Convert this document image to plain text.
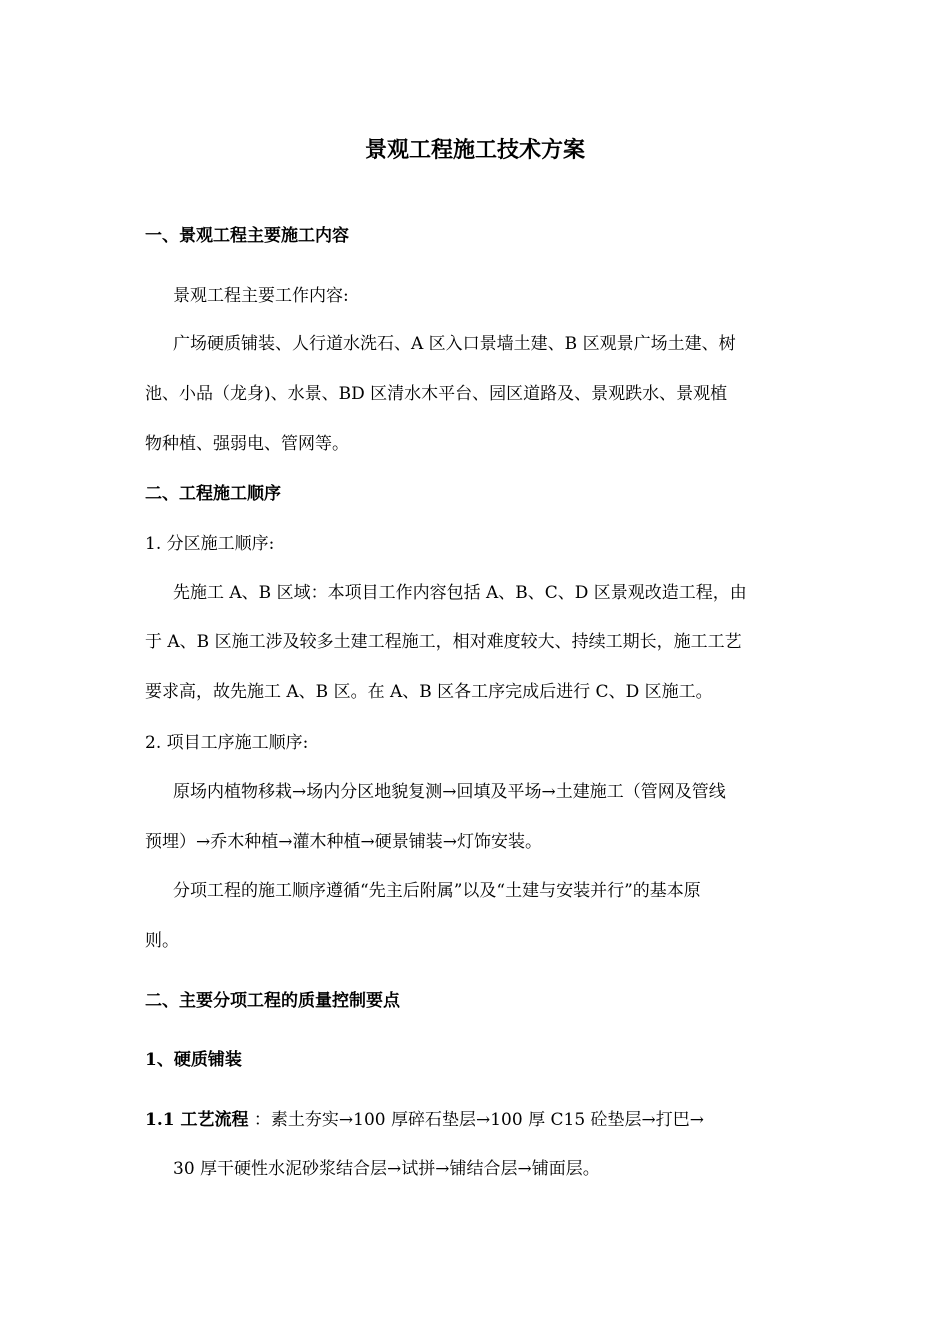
景观工程施工技术方案
一、景观工程主要施工内容
景观工程主要工作内容:
广场硬质铺装、人行道水洗石、A 区入口景墙土建、B 区观景广场土建、树
池、小品（龙身)、水景、BD 区清水木平台、园区道路及、景观跌水、景观植
物种植、强弱电、管网等。
二、工程施工顺序
1. 分区施工顺序:
先施工 A、B 区域：本项目工作内容包括 A、B、C、D 区景观改造工程，由
于 A、B 区施工涉及较多土建工程施工，相对难度较大、持续工期长，施工工艺
要求高，故先施工 A、B 区。在 A、B 区各工序完成后进行 C、D 区施工。
2. 项目工序施工顺序:
原场内植物移栽→场内分区地貌复测→回填及平场→土建施工（管网及管线
预埋）→乔木种植→灌木种植→硬景铺装→灯饰安装。
分项工程的施工顺序遵循“先主后附属”以及“土建与安装并行”的基本原
则。
二、主要分项工程的质量控制要点
1、硬质铺装
1.1 工艺流程 ：素土夯实→100 厚碎石垫层→100 厚 C15 砼垫层→打巴→
30 厚干硬性水泥砂浆结合层→试拼→铺结合层→铺面层。
